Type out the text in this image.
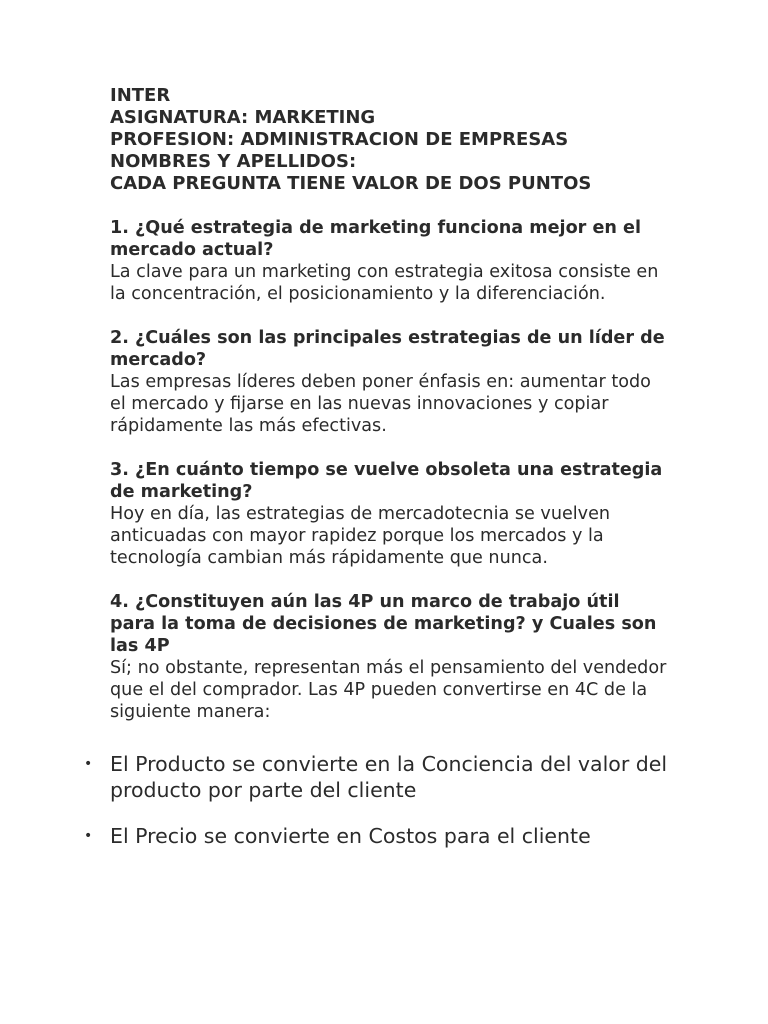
INTER

ASIGNATURA: MARKETING

PROFESION: ADMINISTRACION DE EMPRESAS

NOMBRES Y APELLIDOS:

CADA PREGUNTA TIENE VALOR DE DOS PUNTOS

1. ¿Qué estrategia de marketing funciona mejor en el mercado actual?

La clave para un marketing con estrategia exitosa consiste en la concentración, el posicionamiento y la diferenciación.

2. ¿Cuáles son las principales estrategias de un líder de mercado?

Las empresas líderes deben poner énfasis en: aumentar todo el mercado y fijarse en las nuevas innovaciones y copiar rápidamente las más efectivas.

3. ¿En cuánto tiempo se vuelve obsoleta una estrategia de marketing?

Hoy en día, las estrategias de mercadotecnia se vuelven anticuadas con mayor rapidez porque los mercados y la tecnología cambian más rápidamente que nunca.

4. ¿Constituyen aún las 4P un marco de trabajo útil para la toma de decisiones de marketing? y Cuales son las 4P

Sí; no obstante, representan más el pensamiento del vendedor que el del comprador. Las 4P pueden convertirse en 4C de la siguiente manera:

• El Producto se convierte en la Conciencia del valor del producto por parte del cliente
• El Precio se convierte en Costos para el cliente
